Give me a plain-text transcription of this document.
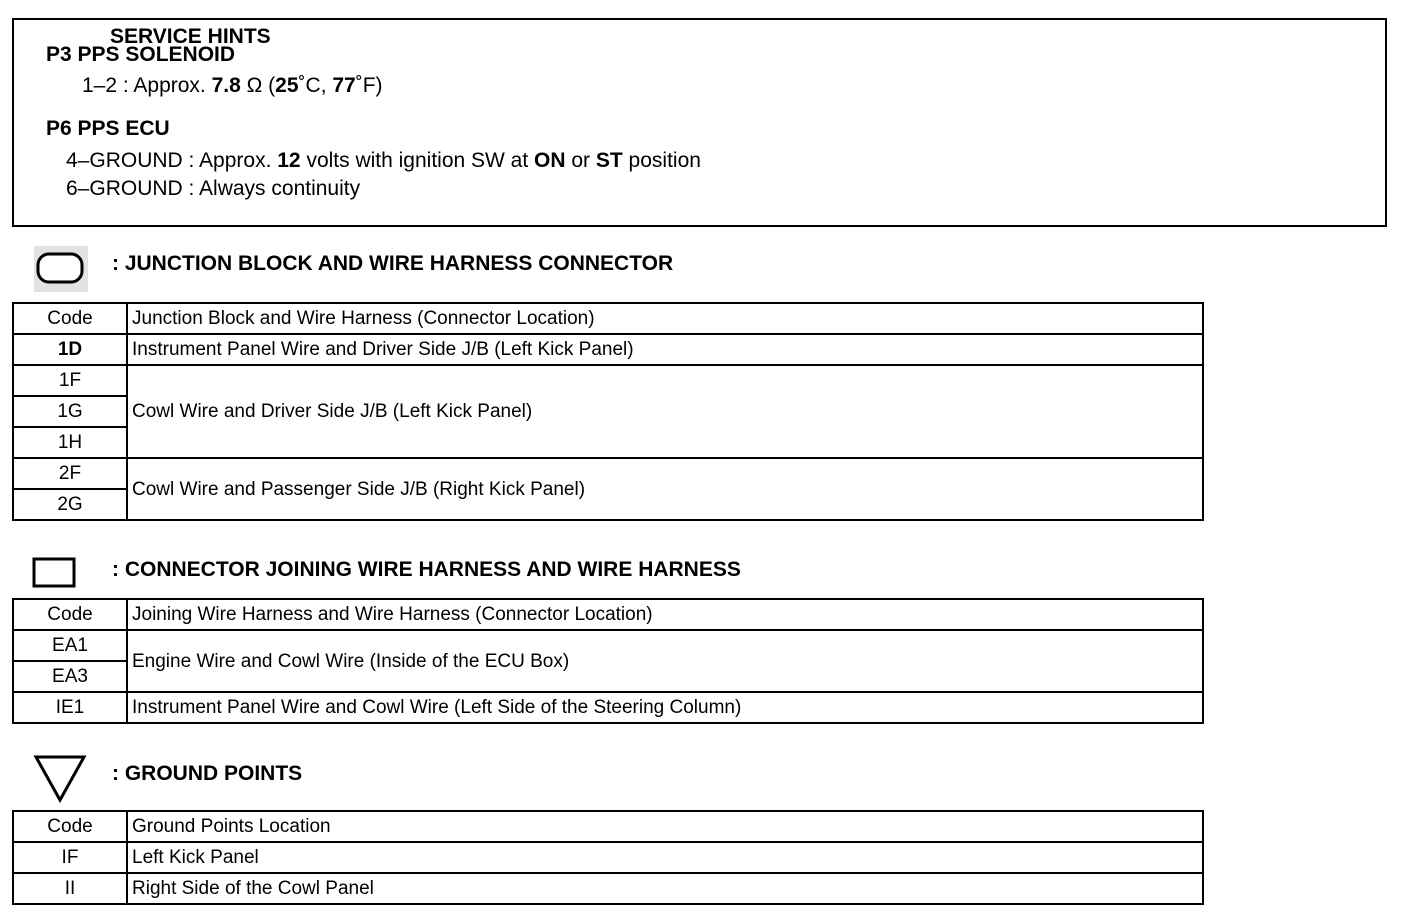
SERVICE HINTS
P3 PPS SOLENOID
1–2 : Approx. 7.8 Ω (25˚C, 77˚F)
P6 PPS ECU
4–GROUND : Approx. 12 volts with ignition SW at ON or ST position
6–GROUND : Always continuity
: JUNCTION BLOCK AND WIRE HARNESS CONNECTOR
Code	Junction Block and Wire Harness (Connector Location)
1D	Instrument Panel Wire and Driver Side J/B (Left Kick Panel)
1F	Cowl Wire and Driver Side J/B (Left Kick Panel)
1G	
1H	
2F	Cowl Wire and Passenger Side J/B (Right Kick Panel)
2G	
: CONNECTOR JOINING WIRE HARNESS AND WIRE HARNESS
Code	Joining Wire Harness and Wire Harness (Connector Location)
EA1	Engine Wire and Cowl Wire (Inside of the ECU Box)
EA3	
IE1	Instrument Panel Wire and Cowl Wire (Left Side of the Steering Column)
: GROUND POINTS
Code	Ground Points Location
IF	Left Kick Panel
II	Right Side of the Cowl Panel
